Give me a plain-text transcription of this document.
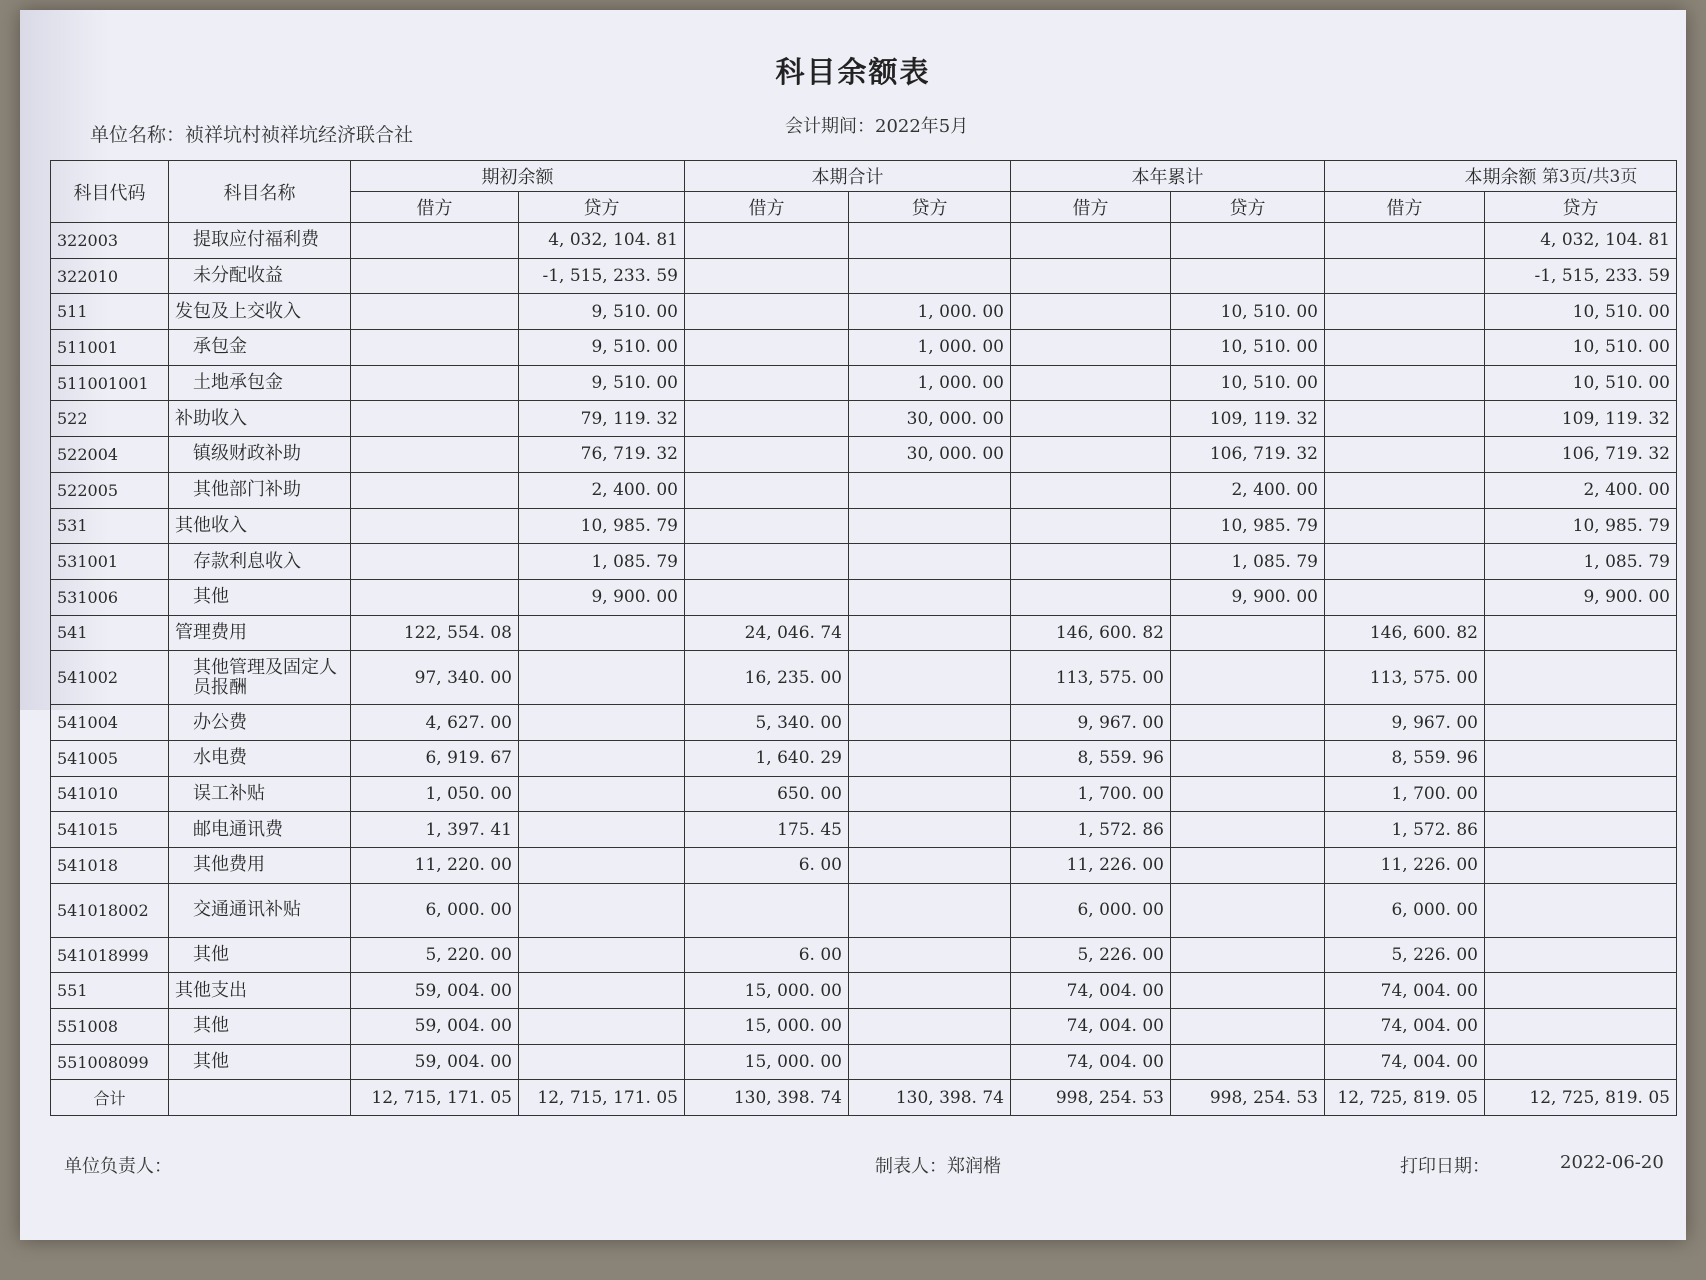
科目余额表
单位名称：祯祥坑村祯祥坑经济联合社	会计期间：2022年5月
第3页/共3页
科目代码	科目名称	期初余额		本期合计		本年累计		本期余额	
		借方	贷方	借方	贷方	借方	贷方	借方	贷方
322003	提取应付福利费		4, 032, 104. 81						4, 032, 104. 81
322010	未分配收益		-1, 515, 233. 59						-1, 515, 233. 59
511	发包及上交收入		9, 510. 00		1, 000. 00		10, 510. 00		10, 510. 00
511001	承包金		9, 510. 00		1, 000. 00		10, 510. 00		10, 510. 00
511001001	土地承包金		9, 510. 00		1, 000. 00		10, 510. 00		10, 510. 00
522	补助收入		79, 119. 32		30, 000. 00		109, 119. 32		109, 119. 32
522004	镇级财政补助		76, 719. 32		30, 000. 00		106, 719. 32		106, 719. 32
522005	其他部门补助		2, 400. 00				2, 400. 00		2, 400. 00
531	其他收入		10, 985. 79				10, 985. 79		10, 985. 79
531001	存款利息收入		1, 085. 79				1, 085. 79		1, 085. 79
531006	其他		9, 900. 00				9, 900. 00		9, 900. 00
541	管理费用	122, 554. 08		24, 046. 74		146, 600. 82		146, 600. 82	
541002	其他管理及固定人员报酬	97, 340. 00		16, 235. 00		113, 575. 00		113, 575. 00	
541004	办公费	4, 627. 00		5, 340. 00		9, 967. 00		9, 967. 00	
541005	水电费	6, 919. 67		1, 640. 29		8, 559. 96		8, 559. 96	
541010	误工补贴	1, 050. 00		650. 00		1, 700. 00		1, 700. 00	
541015	邮电通讯费	1, 397. 41		175. 45		1, 572. 86		1, 572. 86	
541018	其他费用	11, 220. 00		6. 00		11, 226. 00		11, 226. 00	
541018002	交通通讯补贴	6, 000. 00				6, 000. 00		6, 000. 00	
541018999	其他	5, 220. 00		6. 00		5, 226. 00		5, 226. 00	
551	其他支出	59, 004. 00		15, 000. 00		74, 004. 00		74, 004. 00	
551008	其他	59, 004. 00		15, 000. 00		74, 004. 00		74, 004. 00	
551008099	其他	59, 004. 00		15, 000. 00		74, 004. 00		74, 004. 00	
合计		12, 715, 171. 05	12, 715, 171. 05	130, 398. 74	130, 398. 74	998, 254. 53	998, 254. 53	12, 725, 819. 05	12, 725, 819. 05
单位负责人：	制表人：郑润楷	打印日期：	2022-06-20
